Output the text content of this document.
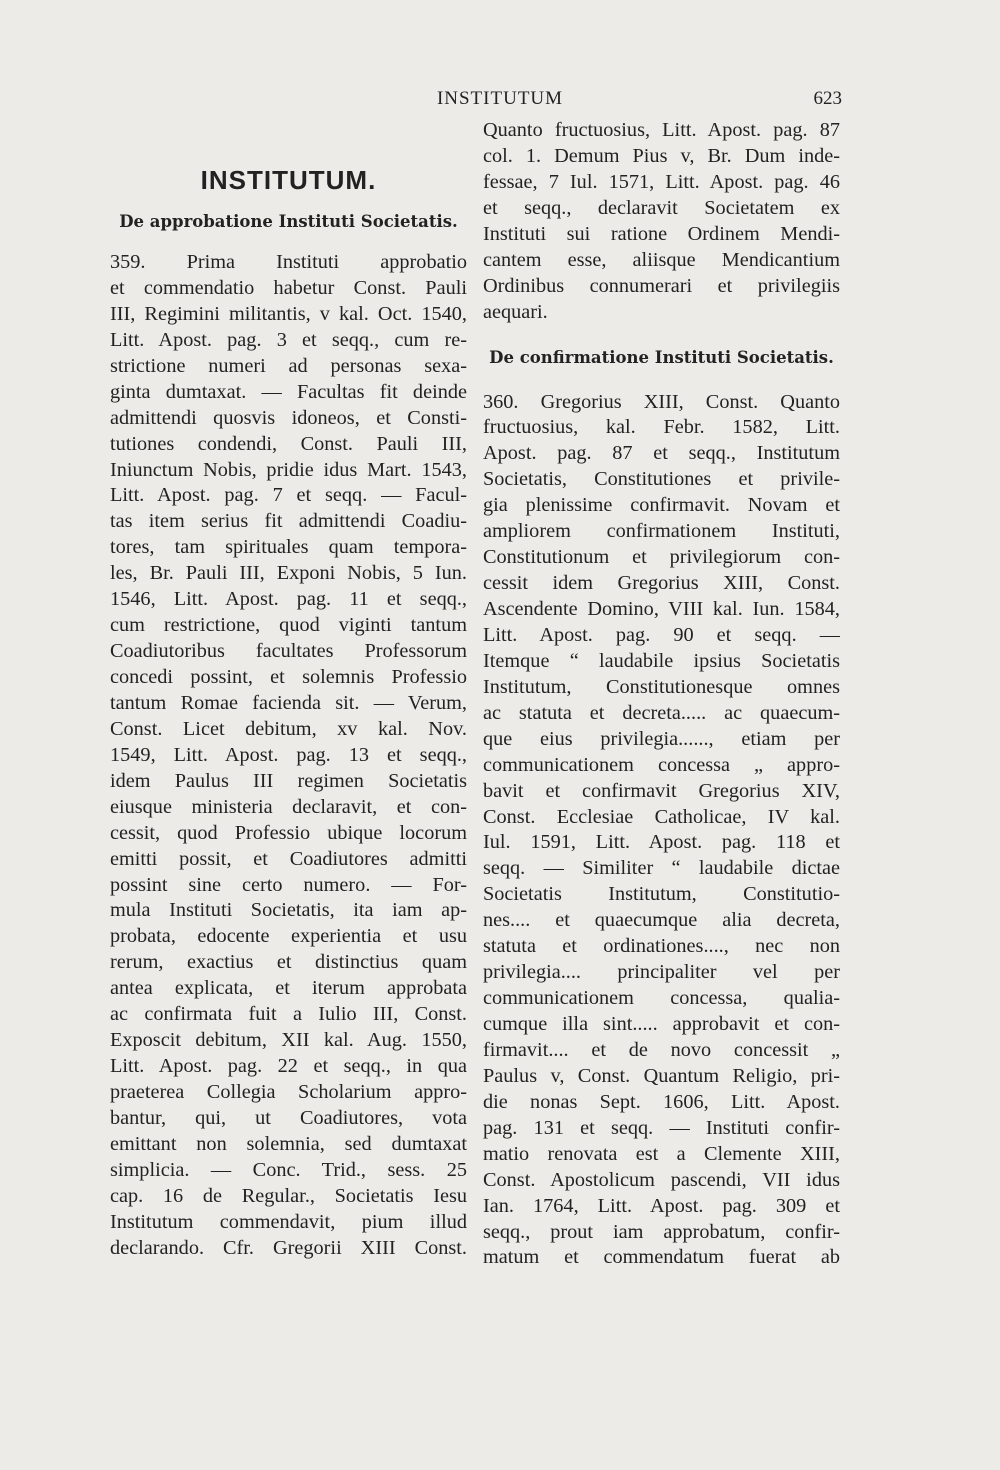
INSTITUTUM	623
INSTITUTUM.
De approbatione Instituti Societatis.
359. Prima Instituti approbatio
et commendatio habetur Const. Pauli
III, Regimini militantis, v kal. Oct. 1540,
Litt. Apost. pag. 3 et seqq., cum re-
strictione numeri ad personas sexa-
ginta dumtaxat. — Facultas fit deinde
admittendi quosvis idoneos, et Consti-
tutiones condendi, Const. Pauli III,
Iniunctum Nobis, pridie idus Mart. 1543,
Litt. Apost. pag. 7 et seqq. — Facul-
tas item serius fit admittendi Coadiu-
tores, tam spirituales quam tempora-
les, Br. Pauli III, Exponi Nobis, 5 Iun.
1546, Litt. Apost. pag. 11 et seqq.,
cum restrictione, quod viginti tantum
Coadiutoribus facultates Professorum
concedi possint, et solemnis Professio
tantum Romae facienda sit. — Verum,
Const. Licet debitum, xv kal. Nov.
1549, Litt. Apost. pag. 13 et seqq.,
idem Paulus III regimen Societatis
eiusque ministeria declaravit, et con-
cessit, quod Professio ubique locorum
emitti possit, et Coadiutores admitti
possint sine certo numero. — For-
mula Instituti Societatis, ita iam ap-
probata, edocente experientia et usu
rerum, exactius et distinctius quam
antea explicata, et iterum approbata
ac confirmata fuit a Iulio III, Const.
Exposcit debitum, XII kal. Aug. 1550,
Litt. Apost. pag. 22 et seqq., in qua
praeterea Collegia Scholarium appro-
bantur, qui, ut Coadiutores, vota
emittant non solemnia, sed dumtaxat
simplicia. — Conc. Trid., sess. 25
cap. 16 de Regular., Societatis Iesu
Institutum commendavit, pium illud
declarando. Cfr. Gregorii XIII Const.
Quanto fructuosius, Litt. Apost. pag. 87
col. 1. Demum Pius v, Br. Dum inde-
fessae, 7 Iul. 1571, Litt. Apost. pag. 46
et seqq., declaravit Societatem ex
Instituti sui ratione Ordinem Mendi-
cantem esse, aliisque Mendicantium
Ordinibus connumerari et privilegiis
aequari.
De confirmatione Instituti Societatis.
360. Gregorius XIII, Const. Quanto
fructuosius, kal. Febr. 1582, Litt.
Apost. pag. 87 et seqq., Institutum
Societatis, Constitutiones et privile-
gia plenissime confirmavit. Novam et
ampliorem confirmationem Instituti,
Constitutionum et privilegiorum con-
cessit idem Gregorius XIII, Const.
Ascendente Domino, VIII kal. Iun. 1584,
Litt. Apost. pag. 90 et seqq. —
Itemque “ laudabile ipsius Societatis
Institutum, Constitutionesque omnes
ac statuta et decreta..... ac quaecum-
que eius privilegia......, etiam per
communicationem concessa „ appro-
bavit et confirmavit Gregorius XIV,
Const. Ecclesiae Catholicae, IV kal.
Iul. 1591, Litt. Apost. pag. 118 et
seqq. — Similiter “ laudabile dictae
Societatis Institutum, Constitutio-
nes.... et quaecumque alia decreta,
statuta et ordinationes...., nec non
privilegia.... principaliter vel per
communicationem concessa, qualia-
cumque illa sint..... approbavit et con-
firmavit.... et de novo concessit „
Paulus v, Const. Quantum Religio, pri-
die nonas Sept. 1606, Litt. Apost.
pag. 131 et seqq. — Instituti confir-
matio renovata est a Clemente XIII,
Const. Apostolicum pascendi, VII idus
Ian. 1764, Litt. Apost. pag. 309 et
seqq., prout iam approbatum, confir-
matum et commendatum fuerat ab
